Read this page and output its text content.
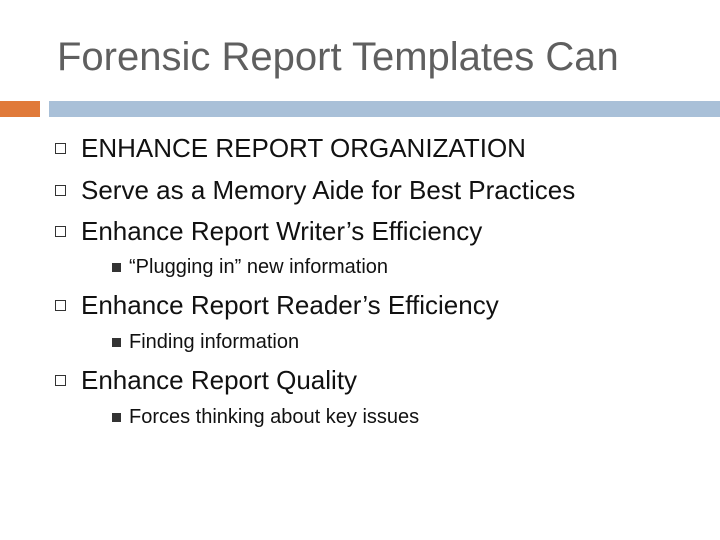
Forensic Report Templates Can
ENHANCE REPORT ORGANIZATION
Serve as a Memory Aide for Best Practices
Enhance Report Writer’s Efficiency
“Plugging in” new information
Enhance Report Reader’s Efficiency
Finding information
Enhance Report Quality
Forces thinking about key issues
